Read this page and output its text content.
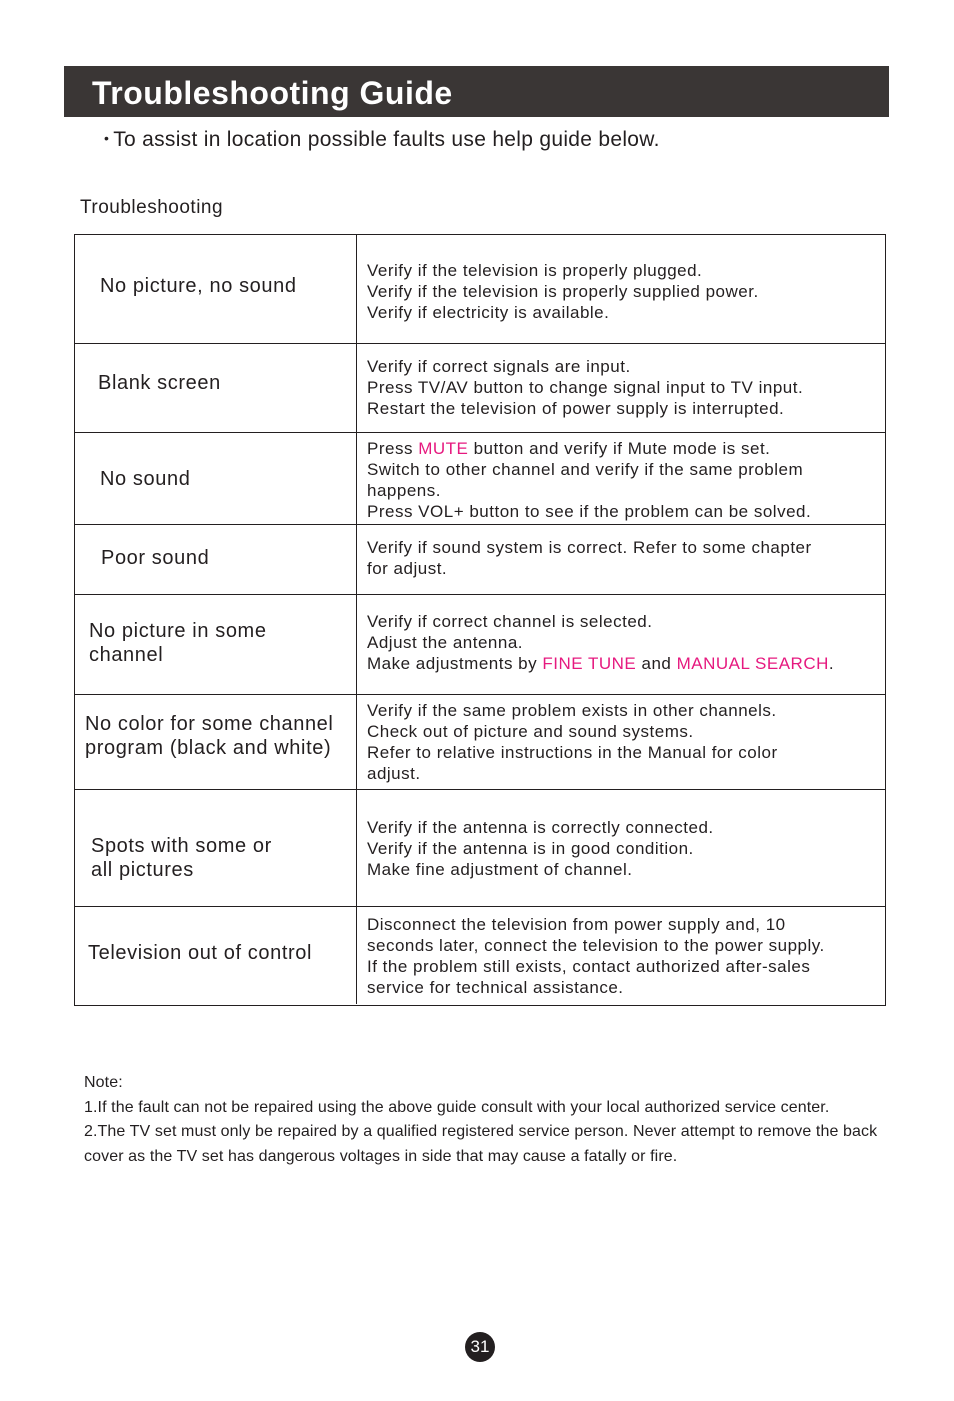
Troubleshooting Guide
• To assist in location possible faults use help guide below.
Troubleshooting
No picture, no sound
Verify if the television is properly plugged.
Verify if the television is properly supplied power.
Verify if electricity is available.
Blank screen
Verify if correct signals are input.
Press TV/AV button to change signal input to TV input.
Restart the television of power supply is interrupted.
No sound
Press MUTE button and verify if Mute mode is set.
Switch to other channel and verify if the same problem
happens.
Press VOL+ button to see if the problem can be solved.
Poor sound	Verify if sound system is correct. Refer to some chapter
for adjust.
No picture in some
channel
Verify if correct channel is selected.
Adjust the antenna.
Make adjustments by FINE TUNE and MANUAL SEARCH.
No color for some channel
program (black and white)
Verify if the same problem exists in other channels.
Check out of picture and sound systems.
Refer to relative instructions in the Manual for color
adjust.
Spots with some or
all pictures
Verify if the antenna is correctly connected.
Verify if the antenna is in good condition.
Make fine adjustment of channel.
Television out of control
Disconnect the television from power supply and, 10
seconds later, connect the television to the power supply.
If the problem still exists, contact authorized after-sales
service for technical assistance.

Note:

1.If the fault can not be repaired using the above guide consult with your local authorized service center.

2.The TV set must only be repaired by a qualified registered service person. Never attempt to remove the back cover as the TV set has dangerous voltages in side that may cause a fatally or fire.

31
